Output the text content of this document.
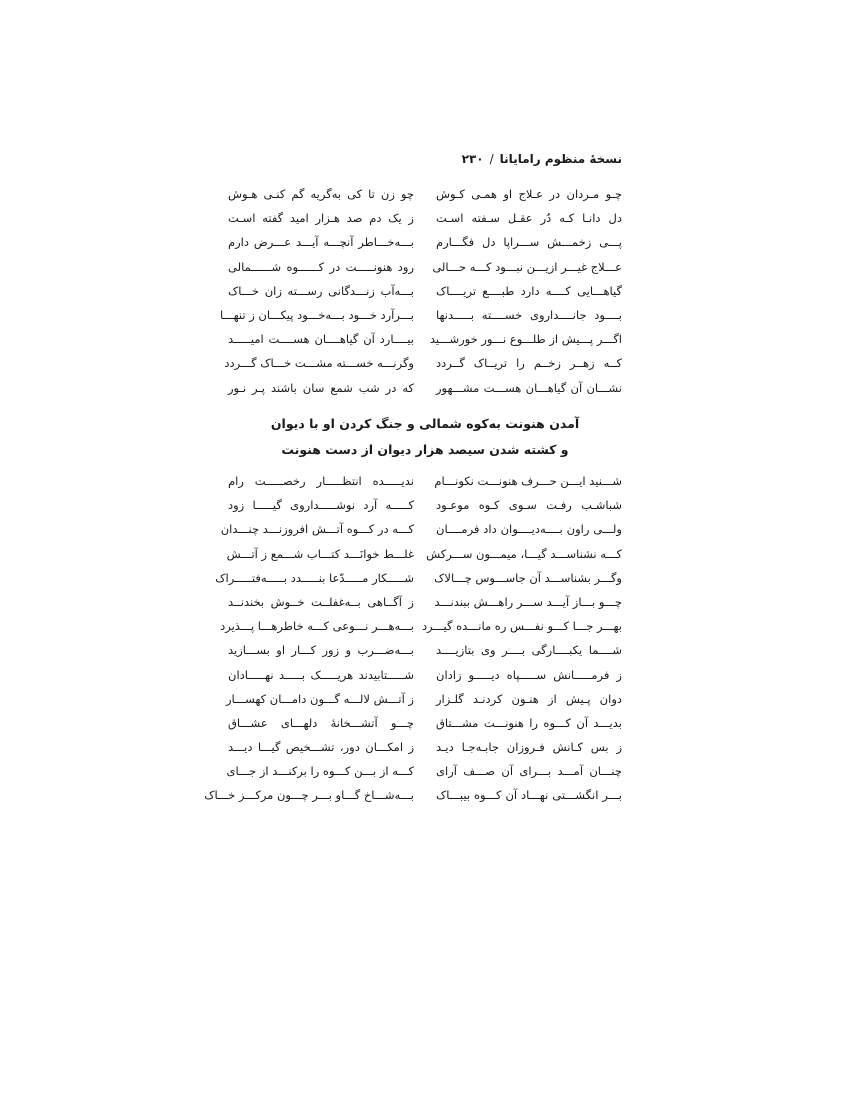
نسخهٔ منظوم رامایانا/۲۳۰
چـو مـردان در عـلاج او همـی کـوش
چو زن تا کی به‌گریه گم کنـی هـوش
دل دانـا کـه دُر عقـل سـفته اسـت
ز یک دم صد هـزار امید گفته اسـت
پـــی زخمـــش ســـراپا دل فگـــارم
بـــه‌خـــاطر آنچـــه آیـــد عـــرض دارم
عـــلاج غیـــر ازیـــن نبـــود کـــه حـــالی
رود هنونـــــت در کــــــوه شــــــمالی
گیاهـــایی کــــه دارد طبــــع تریــــاک
بـــه‌آب زنـــدگانی رســـته زان خـــاک
بــــود جانــــداروی خســــته بـــــدنها
بـــرآرد خـــود بـــه‌خـــود پیکـــان ز تنهـــا
اگـــر پـــیش از طلـــوع نـــور خورشـــید
بیــــارد آن گیاهــــان هســــت امیـــــد
کــه زهــر زخــم را تریــاک گــردد
وگرنـــه خســـته مشـــت خـــاک گـــردد
نشـــان آن گیاهـــان هســـت مشـــهور
که در شب شمع سان باشند پـر نـور
آمدن هنونت به‌کوه شمالی و جنگ کردن او با دیوان
و کشته شدن سیصد هزار دیوان از دست هنونت
شـــنید ایـــن حـــرف هنونـــت نکونـــام
ندیـــــده انتظـــــار رخصـــــت رام
شباشـب رفـت سـوی کـوه موعـود
کـــــه آرد نوشـــــداروی گیـــــا زود
ولـــی راون بــــه‌دیــــوان داد فرمــــان
کـــه در کـــوه آتـــش افروزنـــد چنـــدان
کـــه نشناســـد گیـــا، میمـــون ســـرکش
غلـــط خوانَـــد کتـــاب شـــمع ز آتـــش
وگـــر بشناســـد آن جاســـوس چـــالاک
شـــــکار مـــــدّعا بنـــــدد بـــــه‌فتـــــراک
چـــو بـــاز آیـــد ســـر راهـــش ببندنـــد
ز آگــاهی بــه‌غفلــت خــوش بخندنــد
بهـــر جـــا کـــو نفـــس ره مانـــده گیـــرد
بـــه‌هـــر نـــوعی کـــه خاطرهـــا پـــذیرد
شــــما یکبــــارگی بــــر وی بتازیــــد
بـــه‌ضـــرب و زور کـــار او بســـازید
ز فرمـــــانش ســـــپاه دیـــــو زادان
شـــــتابیدند هریـــــک بـــــد نهـــــادان
دوان پـیش از هنـون کردنـد گلـزار
ز آتـــش لالـــه گـــون دامـــان کهســـار
بدیـــد آن کـــوه را هنونـــت مشـــتاق
چـــو آتشـــخانهٔ دلهـــای عشـــاق
ز بس کـانش فـروزان جابـه‌جـا دیـد
ز امکـــان دور، تشـــخیص گیـــا دیـــد
چنـــان آمـــد بـــرای آن صـــف آرای
کـــه از بـــن کـــوه را برکنـــد از جـــای
بـــر انگشـــتی نهـــاد آن کـــوه بیبـــاک
بـــه‌شـــاخ گـــاو بـــر چـــون مرکـــز خـــاک
